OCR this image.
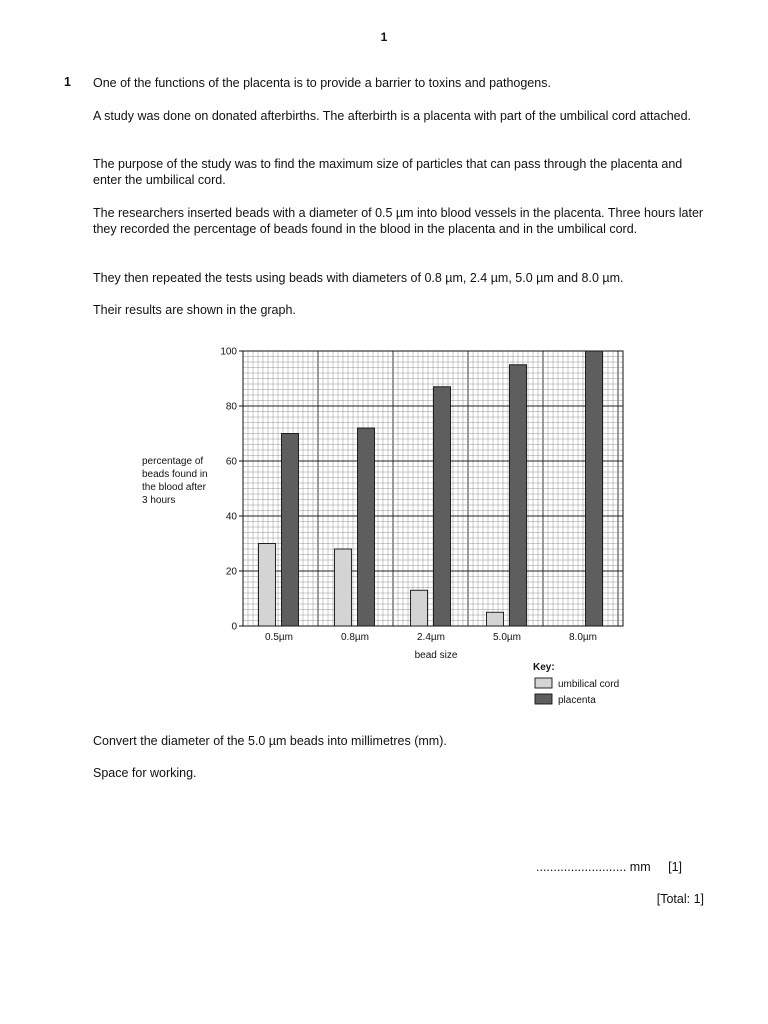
1
1 One of the functions of the placenta is to provide a barrier to toxins and pathogens.

A study was done on donated afterbirths. The afterbirth is a placenta with part of the umbilical cord attached.

The purpose of the study was to find the maximum size of particles that can pass through the placenta and enter the umbilical cord.

The researchers inserted beads with a diameter of 0.5 µm into blood vessels in the placenta. Three hours later they recorded the percentage of beads found in the blood in the placenta and in the umbilical cord.

They then repeated the tests using beads with diameters of 0.8 µm, 2.4 µm, 5.0 µm and 8.0 µm.

Their results are shown in the graph.

percentage of
beads found in
the blood after
3 hours
0
20
40
60
80
100
0.5µm	0.8µm	2.4µm	5.0µm	8.0µm
bead size
Key:
umbilical cord
placenta

Convert the diameter of the 5.0 µm beads into millimetres (mm).

Space for working.

.......................... mm [1]
[Total: 1]
